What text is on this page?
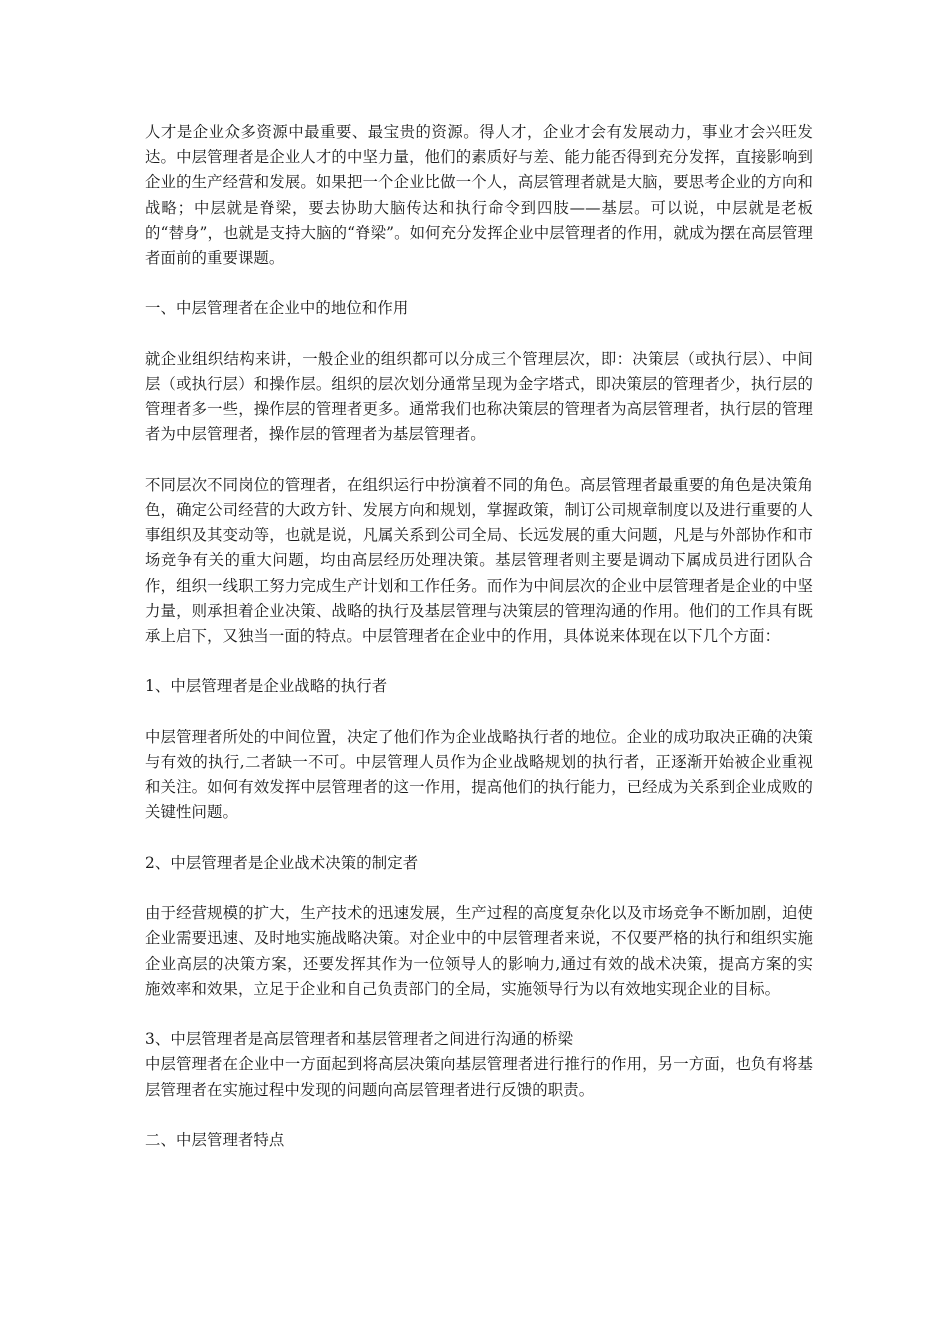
人才是企业众多资源中最重要、最宝贵的资源。得人才，企业才会有发展动力，事业才会兴旺发达。中层管理者是企业人才的中坚力量，他们的素质好与差、能力能否得到充分发挥，直接影响到企业的生产经营和发展。如果把一个企业比做一个人，高层管理者就是大脑，要思考企业的方向和战略；中层就是脊梁，要去协助大脑传达和执行命令到四肢——基层。可以说，中层就是老板的“替身”，也就是支持大脑的“脊梁”。如何充分发挥企业中层管理者的作用，就成为摆在高层管理者面前的重要课题。

一、中层管理者在企业中的地位和作用

就企业组织结构来讲，一般企业的组织都可以分成三个管理层次，即：决策层（或执行层）、中间层（或执行层）和操作层。组织的层次划分通常呈现为金字塔式，即决策层的管理者少，执行层的管理者多一些，操作层的管理者更多。通常我们也称决策层的管理者为高层管理者，执行层的管理者为中层管理者，操作层的管理者为基层管理者。

不同层次不同岗位的管理者，在组织运行中扮演着不同的角色。高层管理者最重要的角色是决策角色，确定公司经营的大政方针、发展方向和规划，掌握政策，制订公司规章制度以及进行重要的人事组织及其变动等，也就是说，凡属关系到公司全局、长远发展的重大问题，凡是与外部协作和市场竞争有关的重大问题，均由高层经历处理决策。基层管理者则主要是调动下属成员进行团队合作，组织一线职工努力完成生产计划和工作任务。而作为中间层次的企业中层管理者是企业的中坚力量，则承担着企业决策、战略的执行及基层管理与决策层的管理沟通的作用。他们的工作具有既承上启下，又独当一面的特点。中层管理者在企业中的作用，具体说来体现在以下几个方面：

1、中层管理者是企业战略的执行者

中层管理者所处的中间位置，决定了他们作为企业战略执行者的地位。企业的成功取决正确的决策与有效的执行,二者缺一不可。中层管理人员作为企业战略规划的执行者，正逐渐开始被企业重视和关注。如何有效发挥中层管理者的这一作用，提高他们的执行能力，已经成为关系到企业成败的关键性问题。

2、中层管理者是企业战术决策的制定者

由于经营规模的扩大，生产技术的迅速发展，生产过程的高度复杂化以及市场竞争不断加剧，迫使企业需要迅速、及时地实施战略决策。对企业中的中层管理者来说，不仅要严格的执行和组织实施企业高层的决策方案，还要发挥其作为一位领导人的影响力,通过有效的战术决策，提高方案的实施效率和效果，立足于企业和自己负责部门的全局，实施领导行为以有效地实现企业的目标。

3、中层管理者是高层管理者和基层管理者之间进行沟通的桥梁

中层管理者在企业中一方面起到将高层决策向基层管理者进行推行的作用，另一方面，也负有将基层管理者在实施过程中发现的问题向高层管理者进行反馈的职责。

二、中层管理者特点
